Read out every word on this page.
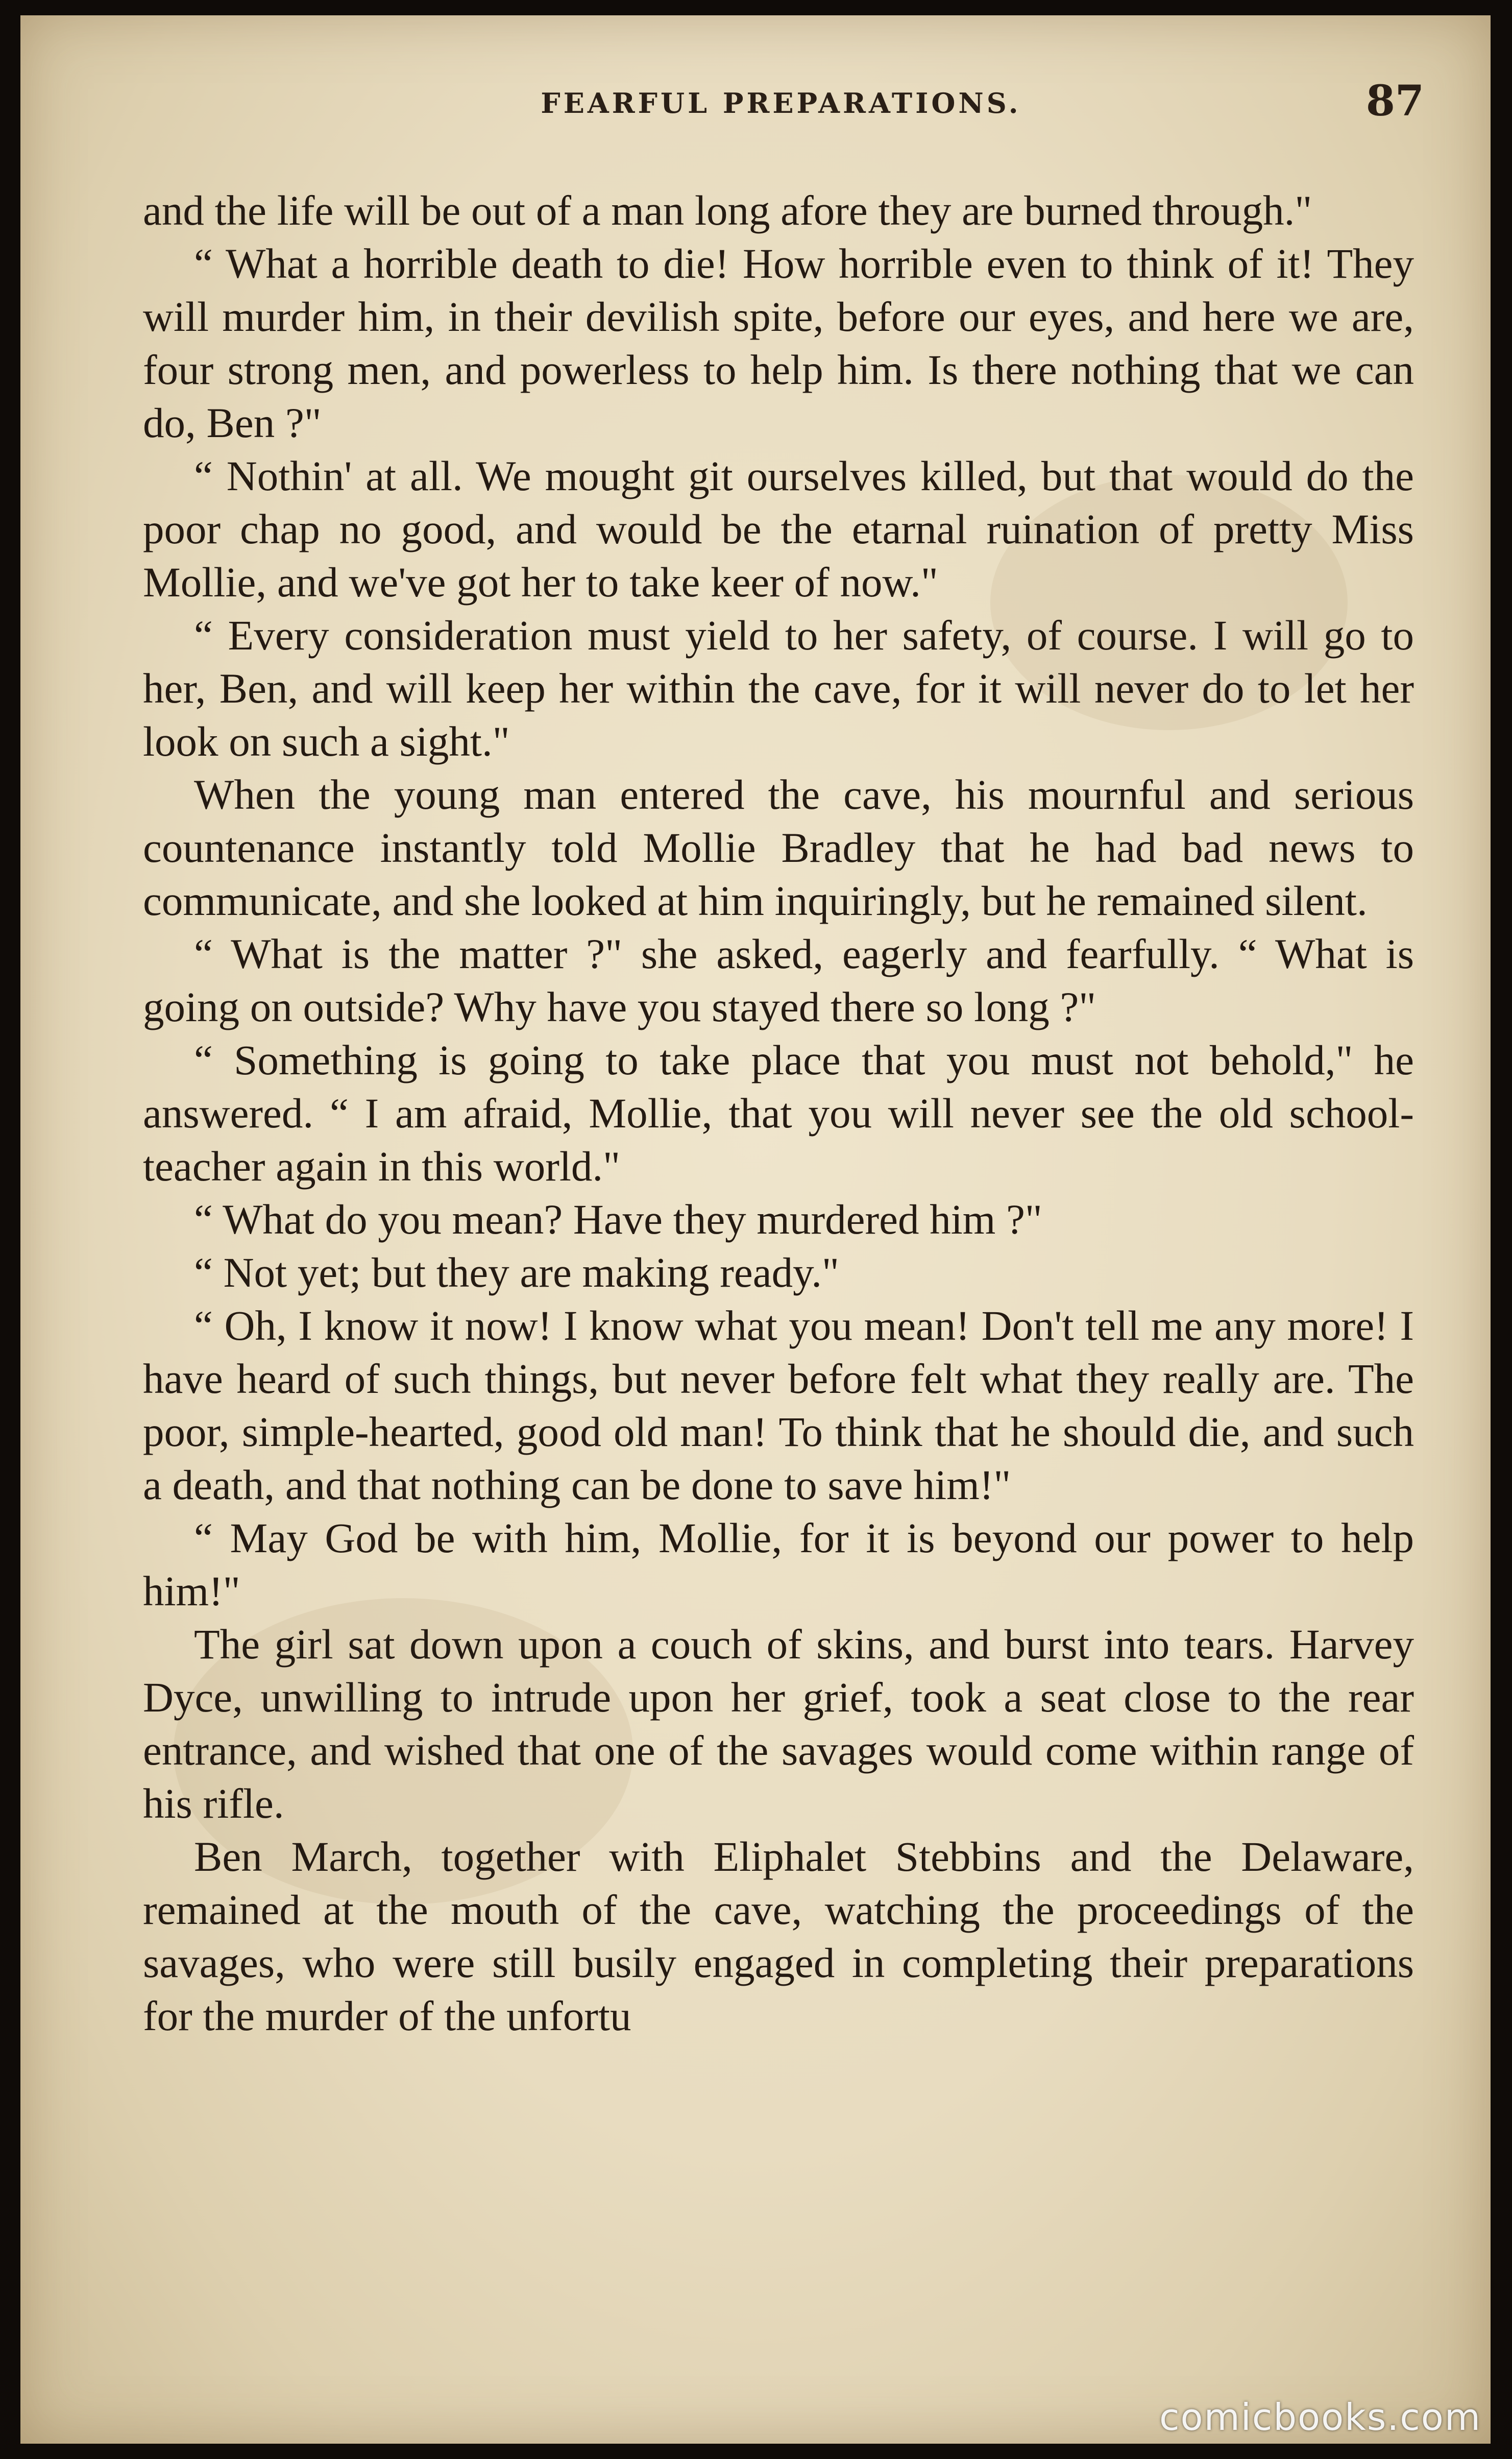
FEARFUL PREPARATIONS.	87

and the life will be out of a man long afore they are burned through."

“ What a horrible death to die! How horrible even to think of it! They will murder him, in their devilish spite, before our eyes, and here we are, four strong men, and powerless to help him. Is there nothing that we can do, Ben ?"

“ Nothin' at all. We mought git ourselves killed, but that would do the poor chap no good, and would be the etarnal ruination of pretty Miss Mollie, and we've got her to take keer of now."

“ Every consideration must yield to her safety, of course. I will go to her, Ben, and will keep her within the cave, for it will never do to let her look on such a sight."

When the young man entered the cave, his mournful and serious countenance instantly told Mollie Bradley that he had bad news to communicate, and she looked at him inquiringly, but he remained silent.

“ What is the matter ?" she asked, eagerly and fearfully. “ What is going on outside? Why have you stayed there so long ?"

“ Something is going to take place that you must not behold," he answered. “ I am afraid, Mollie, that you will never see the old school-teacher again in this world."

“ What do you mean? Have they murdered him ?"

“ Not yet; but they are making ready."

“ Oh, I know it now! I know what you mean! Don't tell me any more! I have heard of such things, but never before felt what they really are. The poor, simple-hearted, good old man! To think that he should die, and such a death, and that nothing can be done to save him!"

“ May God be with him, Mollie, for it is beyond our power to help him!"

The girl sat down upon a couch of skins, and burst into tears. Harvey Dyce, unwilling to intrude upon her grief, took a seat close to the rear entrance, and wished that one of the savages would come within range of his rifle.

Ben March, together with Eliphalet Stebbins and the Delaware, remained at the mouth of the cave, watching the proceedings of the savages, who were still busily engaged in completing their preparations for the murder of the unfortu

comicbooks.com
